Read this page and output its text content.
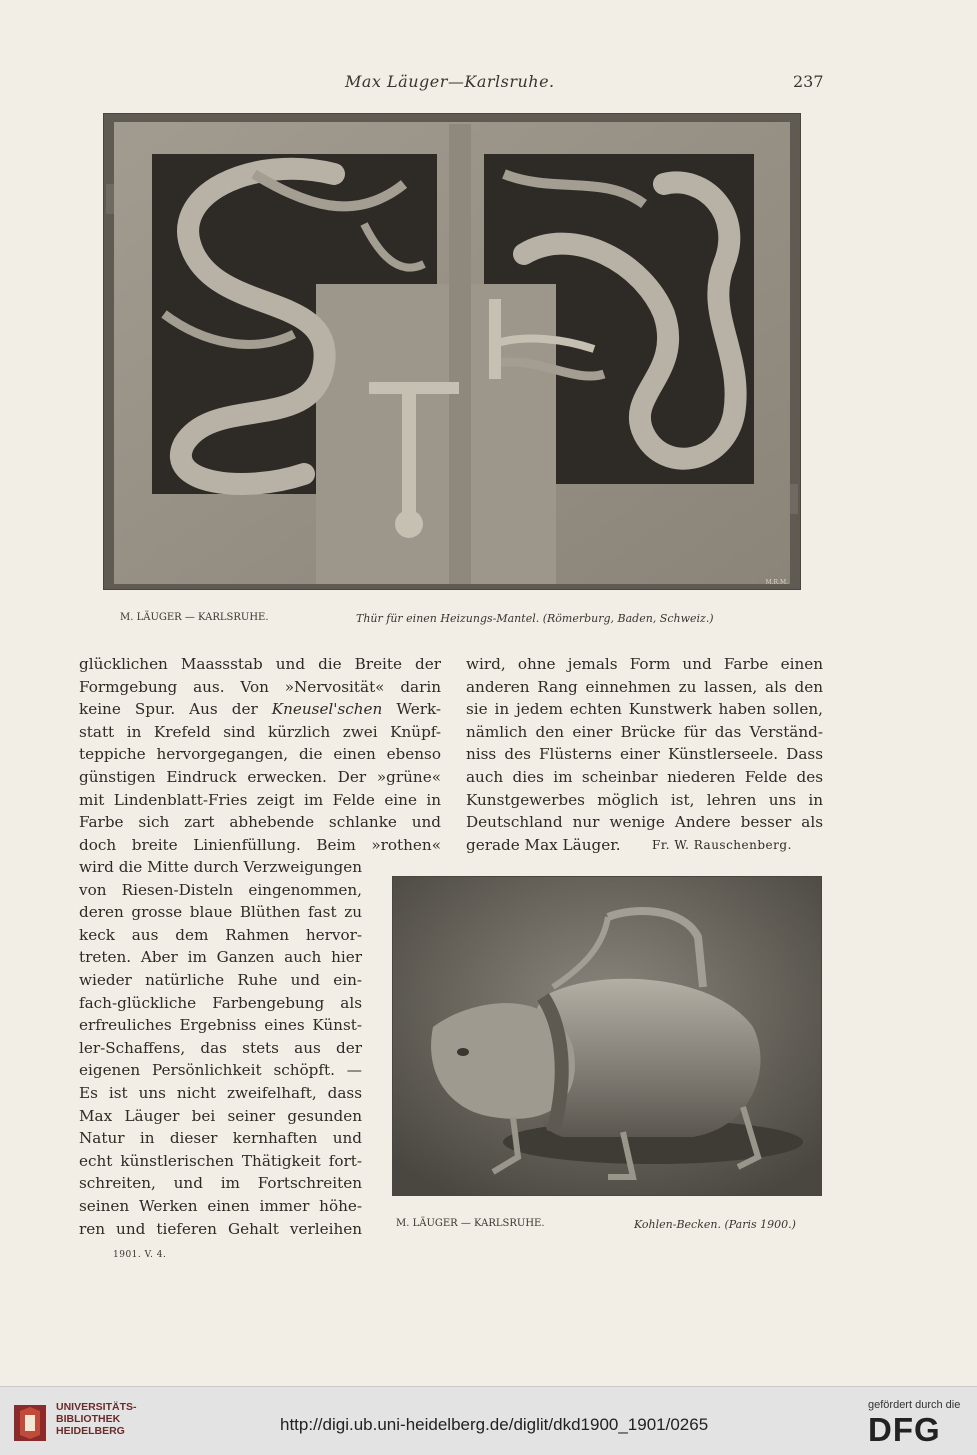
Max Läuger—Karlsruhe.	237
M.R.M.
M. LÄUGER — KARLSRUHE.	Thür für einen Heizungs-Mantel. (Römerburg, Baden, Schweiz.)
glücklichen Maassstab und die Breite der
Formgebung aus. Von »Nervosität« darin
keine Spur. Aus der Kneusel'schen Werk-
statt in Krefeld sind kürzlich zwei Knüpf-
teppiche hervorgegangen, die einen ebenso
günstigen Eindruck erwecken. Der »grüne«
mit Lindenblatt-Fries zeigt im Felde eine in
Farbe sich zart abhebende schlanke und
doch breite Linienfüllung. Beim »rothen«
wird die Mitte durch Verzweigungen
von Riesen-Disteln eingenommen,
deren grosse blaue Blüthen fast zu
keck aus dem Rahmen hervor-
treten. Aber im Ganzen auch hier
wieder natürliche Ruhe und ein-
fach-glückliche Farbengebung als
erfreuliches Ergebniss eines Künst-
ler-Schaffens, das stets aus der
eigenen Persönlichkeit schöpft. —
Es ist uns nicht zweifelhaft, dass
Max Läuger bei seiner gesunden
Natur in dieser kernhaften und
echt künstlerischen Thätigkeit fort-
schreiten, und im Fortschreiten
seinen Werken einen immer höhe-
ren und tieferen Gehalt verleihen
wird, ohne jemals Form und Farbe einen
anderen Rang einnehmen zu lassen, als den
sie in jedem echten Kunstwerk haben sollen,
nämlich den einer Brücke für das Verständ-
niss des Flüsterns einer Künstlerseele. Dass
auch dies im scheinbar niederen Felde des
Kunstgewerbes möglich ist, lehren uns in
Deutschland nur wenige Andere besser als
gerade Max Läuger.	Fr. W. Rauschenberg.
M. LÄUGER — KARLSRUHE.	Kohlen-Becken. (Paris 1900.)
1901. V. 4.
UNIVERSITÄTS-
BIBLIOTHEK
HEIDELBERG	http://digi.ub.uni-heidelberg.de/diglit/dkd1900_1901/0265
gefördert durch die
DFG
